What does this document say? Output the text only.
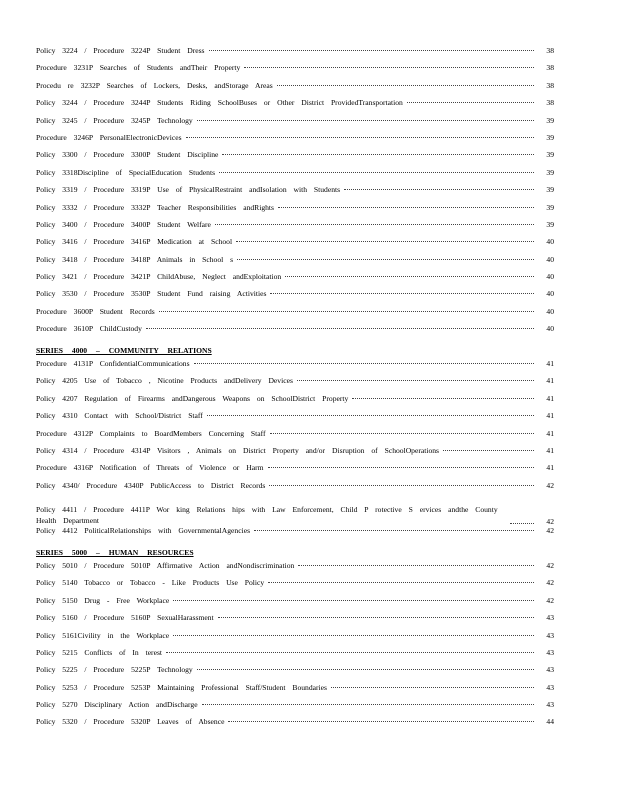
Policy 3224 / Procedure 3224P Student Dress	38
Procedure 3231P Searches of Students andTheir Property	38
Procedu re 3232P Searches of Lockers, Desks, andStorage Areas	38
Policy 3244 / Procedure 3244P Students Riding SchoolBuses or Other District ProvidedTransportation	38
Policy 3245 / Procedure 3245P Technology	39
Procedure 3246P PersonalElectronicDevices	39
Policy 3300 / Procedure 3300P Student Discipline	39
Policy 3318Discipline of SpecialEducation Students	39
Policy 3319 / Procedure 3319P Use of PhysicalRestraint andIsolation with Students	39
Policy 3332 / Procedure 3332P Teacher Responsibilities andRights	39
Policy 3400 / Procedure 3400P Student Welfare	39
Policy 3416 / Procedure 3416P Medication at School	40
Policy 3418 / Procedure 3418P Animals in School s	40
Policy 3421 / Procedure 3421P ChildAbuse, Neglect andExploitation	40
Policy 3530 / Procedure 3530P Student Fund raising Activities	40
Procedure 3600P Student Records	40
Procedure 3610P ChildCustody	40
SERIES 4000 – COMMUNITY RELATIONS
Procedure 4131P ConfidentialCommunications	41
Policy 4205 Use of Tobacco , Nicotine Products andDelivery Devices	41
Policy 4207 Regulation of Firearms andDangerous Weapons on SchoolDistrict Property	41
Policy 4310 Contact with School/District Staff	41
Procedure 4312P Complaints to BoardMembers Concerning Staff	41
Policy 4314 / Procedure 4314P Visitors , Animals on District Property and/or Disruption of SchoolOperations	41
Procedure 4316P Notification of Threats of Violence or Harm	41
Policy 4340/ Procedure 4340P PublicAccess to District Records	42
Policy 4411 / Procedure 4411P Wor king Relations hips with Law Enforcement, Child P rotective S ervices andthe County Health Department	42
Policy 4412 PoliticalRelationships with GovernmentalAgencies	42
SERIES 5000 – HUMAN RESOURCES
Policy 5010 / Procedure 5010P Affirmative Action andNondiscrimination	42
Policy 5140 Tobacco or Tobacco - Like Products Use Policy	42
Policy 5150 Drug - Free Workplace	42
Policy 5160 / Procedure 5160P SexualHarassment	43
Policy 5161Civility in the Workplace	43
Policy 5215 Conflicts of In terest	43
Policy 5225 / Procedure 5225P Technology	43
Policy 5253 / Procedure 5253P Maintaining Professional Staff/Student Boundaries	43
Policy 5270 Disciplinary Action andDischarge	43
Policy 5320 / Procedure 5320P Leaves of Absence	44
